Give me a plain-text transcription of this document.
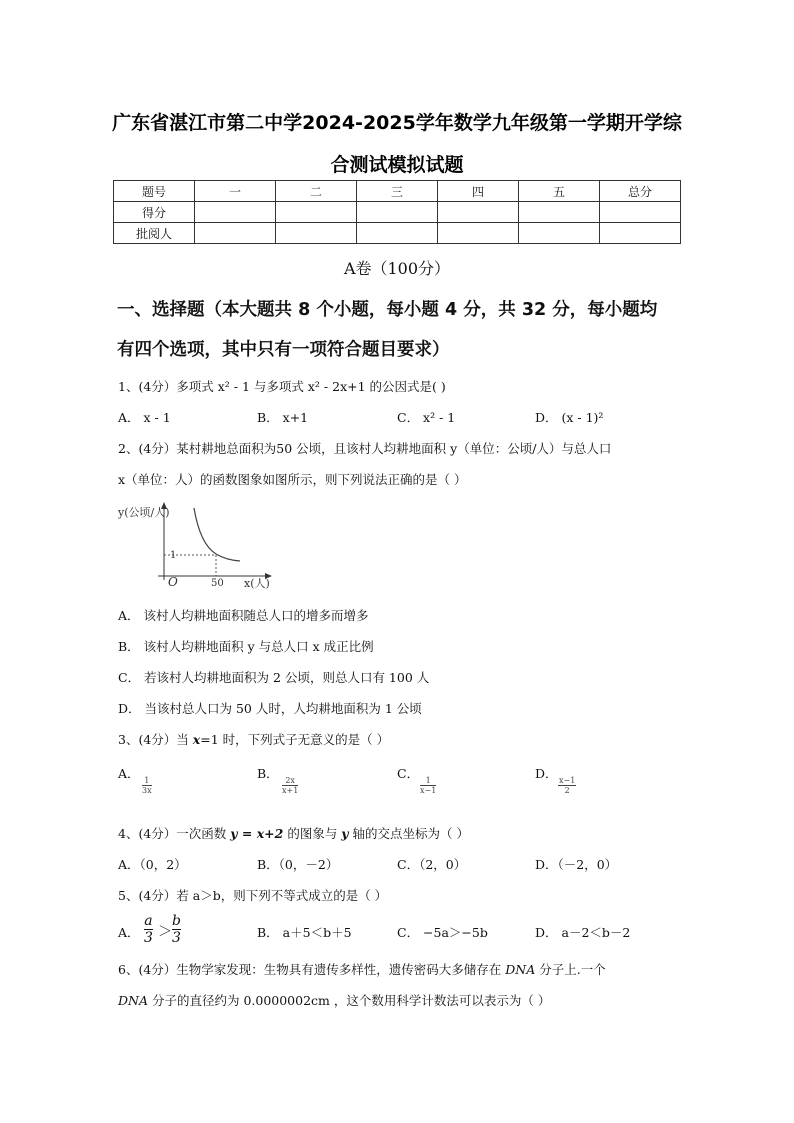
广东省湛江市第二中学2024-2025学年数学九年级第一学期开学综
合测试模拟试题
题号	一	二	三	四	五	总分
得分						
批阅人						
A卷（100分）
一、选择题（本大题共 8 个小题，每小题 4 分，共 32 分，每小题均
有四个选项，其中只有一项符合题目要求）
1、(4分）多项式 x² - 1 与多项式 x² - 2x+1 的公因式是( )
A． x - 1	B． x+1	C． x² - 1	D． (x - 1)²
2、(4分）某村耕地总面积为50 公顷，且该村人均耕地面积 y（单位：公顷/人）与总人口
x（单位：人）的函数图象如图所示，则下列说法正确的是（ ）
y(公顷/人)
x(人)
O	50
1
A． 该村人均耕地面积随总人口的增多而增多
B． 该村人均耕地面积 y 与总人口 x 成正比例
C． 若该村人均耕地面积为 2 公顷，则总人口有 100 人
D． 当该村总人口为 50 人时，人均耕地面积为 1 公顷
3、(4分）当 x=1 时，下列式子无意义的是（ ）
A．
$\frac{1}{3x}$
B．
$\frac{2x}{x+1}$
C．
$\frac{1}{x-1}$
D．
$\frac{x-1}{2}$
4、(4分）一次函数 y = x+2 的图象与 y 轴的交点坐标为（ ）
A．（0，2）	B．（0，－2）	C．（2，0）	D．（－2，0）
5、(4分）若 a＞b，则下列不等式成立的是（ ）
A． $\frac{a}{3} > \frac{b}{3}$	B． a＋5＜b＋5	C． −5a＞−5b	D． a－2＜b－2
6、(4分）生物学家发现：生物具有遗传多样性，遗传密码大多储存在 DNA 分子上.一个
DNA 分子的直径约为 0.0000002cm ，这个数用科学计数法可以表示为（ ）
